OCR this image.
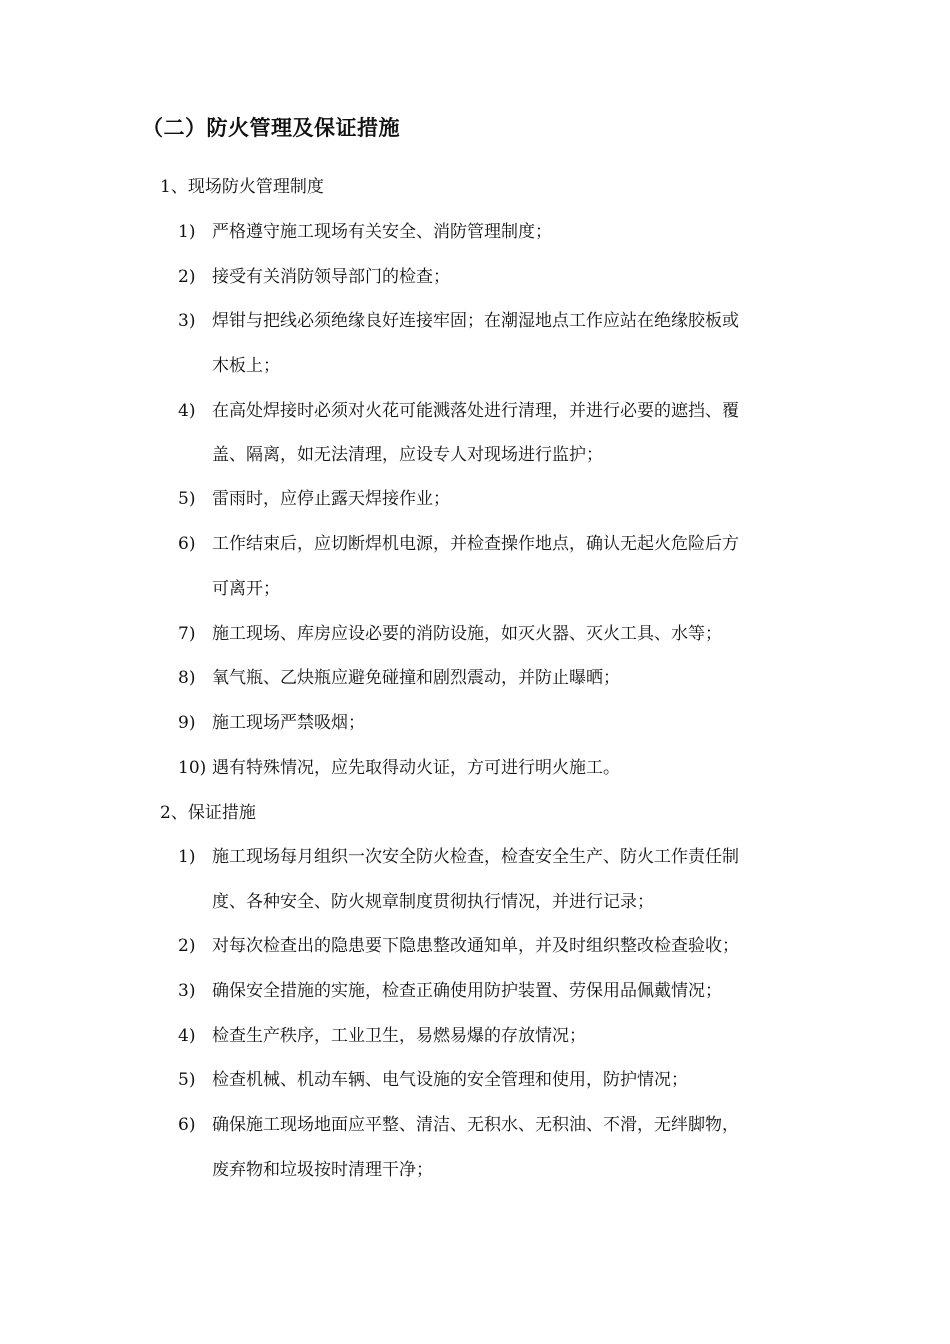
（二）防火管理及保证措施
1、现场防火管理制度
1) 严格遵守施工现场有关安全、消防管理制度；
2) 接受有关消防领导部门的检查；
3) 焊钳与把线必须绝缘良好连接牢固；在潮湿地点工作应站在绝缘胶板或
木板上；
4) 在高处焊接时必须对火花可能溅落处进行清理，并进行必要的遮挡、覆
盖、隔离，如无法清理，应设专人对现场进行监护；
5) 雷雨时，应停止露天焊接作业；
6) 工作结束后，应切断焊机电源，并检查操作地点，确认无起火危险后方
可离开；
7) 施工现场、库房应设必要的消防设施，如灭火器、灭火工具、水等；
8) 氧气瓶、乙炔瓶应避免碰撞和剧烈震动，并防止曝晒；
9) 施工现场严禁吸烟；
10) 遇有特殊情况，应先取得动火证，方可进行明火施工。
2、保证措施
1) 施工现场每月组织一次安全防火检查，检查安全生产、防火工作责任制
度、各种安全、防火规章制度贯彻执行情况，并进行记录；
2) 对每次检查出的隐患要下隐患整改通知单，并及时组织整改检查验收；
3) 确保安全措施的实施，检查正确使用防护装置、劳保用品佩戴情况；
4) 检查生产秩序，工业卫生，易燃易爆的存放情况；
5) 检查机械、机动车辆、电气设施的安全管理和使用，防护情况；
6) 确保施工现场地面应平整、清洁、无积水、无积油、不滑，无绊脚物，
废弃物和垃圾按时清理干净；
